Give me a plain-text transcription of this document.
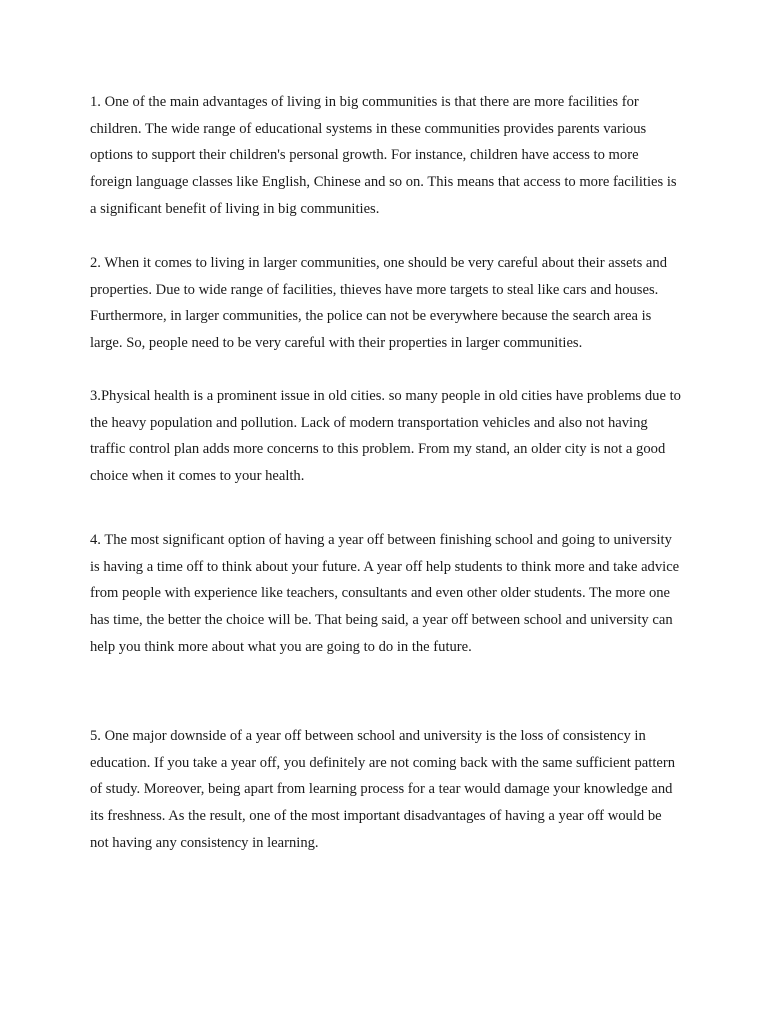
1. One of the main advantages of living in big communities is that there are more facilities for children. The wide range of educational systems in these communities provides parents various options to support their children's personal growth. For instance, children have access to more foreign language classes like English, Chinese and so on. This means that access to more facilities is a significant benefit of living in big communities.

2. When it comes to living in larger communities, one should be very careful about their assets and properties. Due to wide range of facilities, thieves have more targets to steal like cars and houses. Furthermore, in larger communities, the police can not be everywhere because the search area is large. So, people need to be very careful with their properties in larger communities.

3.Physical health is a prominent issue in old cities. so many people in old cities have problems due to the heavy population and pollution. Lack of modern transportation vehicles and also not having traffic control plan adds more concerns to this problem. From my stand, an older city is not a good choice when it comes to your health.

4. The most significant option of having a year off between finishing school and going to university is having a time off to think about your future. A year off help students to think more and take advice from people with experience like teachers, consultants and even other older students. The more one has time, the better the choice will be. That being said, a year off between school and university can help you think more about what you are going to do in the future.

5. One major downside of a year off between school and university is the loss of consistency in education. If you take a year off, you definitely are not coming back with the same sufficient pattern of study. Moreover, being apart from learning process for a tear would damage your knowledge and its freshness. As the result, one of the most important disadvantages of having a year off would be not having any consistency in learning.
